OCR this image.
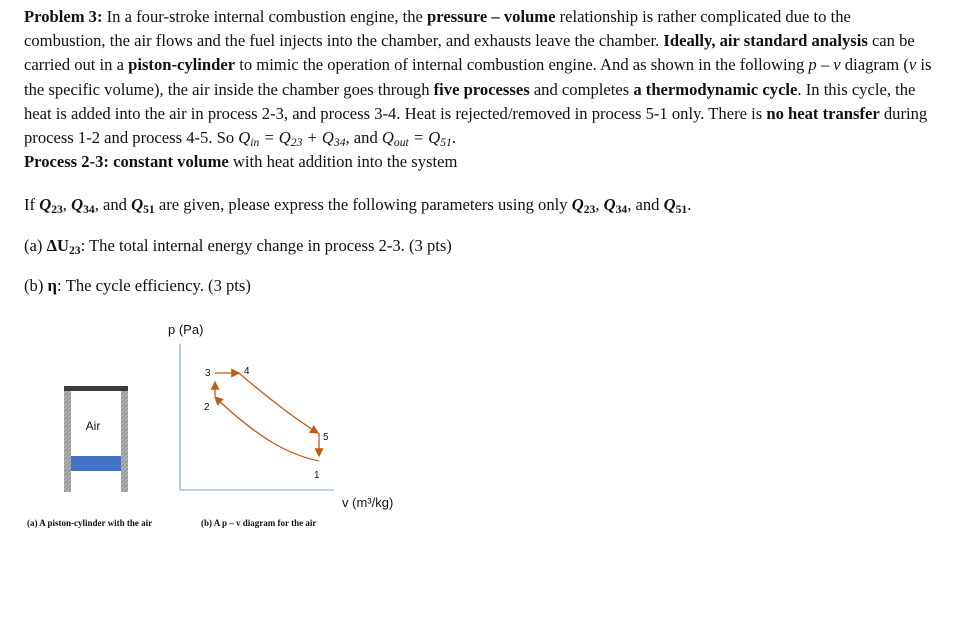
Problem 3: In a four-stroke internal combustion engine, the pressure – volume relationship is rather complicated due to the combustion, the air flows and the fuel injects into the chamber, and exhausts leave the chamber. Ideally, air standard analysis can be carried out in a piston-cylinder to mimic the operation of internal combustion engine. And as shown in the following p – v diagram (v is the specific volume), the air inside the chamber goes through five processes and completes a thermodynamic cycle. In this cycle, the heat is added into the air in process 2-3, and process 3-4. Heat is rejected/removed in process 5-1 only. There is no heat transfer during process 1-2 and process 4-5. So $Q_{in} = Q_{23} + Q_{34}$, and $Q_{out} = Q_{51}$.
Process 2-3: constant volume with heat addition into the system
If $Q_{23}$, $Q_{34}$, and $Q_{51}$ are given, please express the following parameters using only $Q_{23}$, $Q_{34}$, and $Q_{51}$.
(a) $\Delta U_{23}$: The total internal energy change in process 2-3. (3 pts)
(b) η: The cycle efficiency. (3 pts)
Air
p (Pa)
v (m³/kg)
3	4
2
5
1
(a) A piston-cylinder with the air	(b) A p – v diagram for the air
